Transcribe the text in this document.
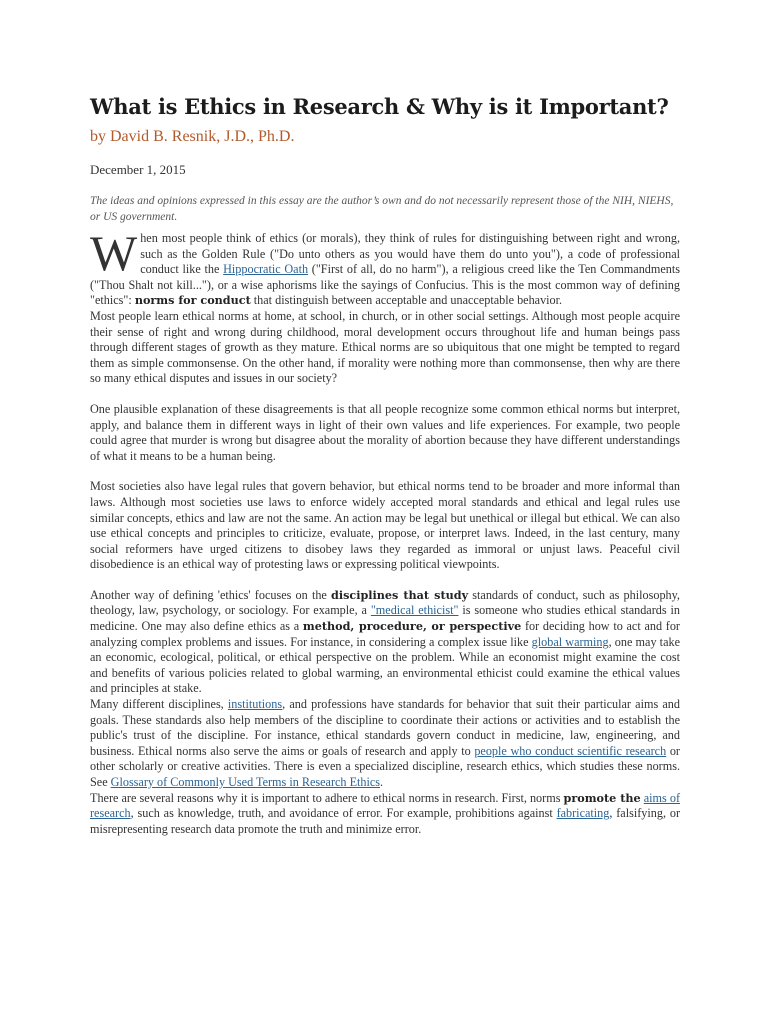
What is Ethics in Research & Why is it Important?
by David B. Resnik, J.D., Ph.D.
December 1, 2015

The ideas and opinions expressed in this essay are the author’s own and do not necessarily represent those of the NIH, NIEHS, or US government.

When most people think of ethics (or morals), they think of rules for distinguishing between right and wrong, such as the Golden Rule ("Do unto others as you would have them do unto you"), a code of professional conduct like the Hippocratic Oath ("First of all, do no harm"), a religious creed like the Ten Commandments ("Thou Shalt not kill..."), or a wise aphorisms like the sayings of Confucius. This is the most common way of defining "ethics": norms for conduct that distinguish between acceptable and unacceptable behavior.

Most people learn ethical norms at home, at school, in church, or in other social settings. Although most people acquire their sense of right and wrong during childhood, moral development occurs throughout life and human beings pass through different stages of growth as they mature. Ethical norms are so ubiquitous that one might be tempted to regard them as simple commonsense. On the other hand, if morality were nothing more than commonsense, then why are there so many ethical disputes and issues in our society?

One plausible explanation of these disagreements is that all people recognize some common ethical norms but interpret, apply, and balance them in different ways in light of their own values and life experiences. For example, two people could agree that murder is wrong but disagree about the morality of abortion because they have different understandings of what it means to be a human being.

Most societies also have legal rules that govern behavior, but ethical norms tend to be broader and more informal than laws. Although most societies use laws to enforce widely accepted moral standards and ethical and legal rules use similar concepts, ethics and law are not the same. An action may be legal but unethical or illegal but ethical. We can also use ethical concepts and principles to criticize, evaluate, propose, or interpret laws. Indeed, in the last century, many social reformers have urged citizens to disobey laws they regarded as immoral or unjust laws. Peaceful civil disobedience is an ethical way of protesting laws or expressing political viewpoints.

Another way of defining 'ethics' focuses on the disciplines that study standards of conduct, such as philosophy, theology, law, psychology, or sociology. For example, a "medical ethicist" is someone who studies ethical standards in medicine. One may also define ethics as a method, procedure, or perspective for deciding how to act and for analyzing complex problems and issues. For instance, in considering a complex issue like global warming, one may take an economic, ecological, political, or ethical perspective on the problem. While an economist might examine the cost and benefits of various policies related to global warming, an environmental ethicist could examine the ethical values and principles at stake.

Many different disciplines, institutions, and professions have standards for behavior that suit their particular aims and goals. These standards also help members of the discipline to coordinate their actions or activities and to establish the public's trust of the discipline. For instance, ethical standards govern conduct in medicine, law, engineering, and business. Ethical norms also serve the aims or goals of research and apply to people who conduct scientific research or other scholarly or creative activities. There is even a specialized discipline, research ethics, which studies these norms. See Glossary of Commonly Used Terms in Research Ethics.

There are several reasons why it is important to adhere to ethical norms in research. First, norms promote the aims of research, such as knowledge, truth, and avoidance of error. For example, prohibitions against fabricating, falsifying, or misrepresenting research data promote the truth and minimize error.
